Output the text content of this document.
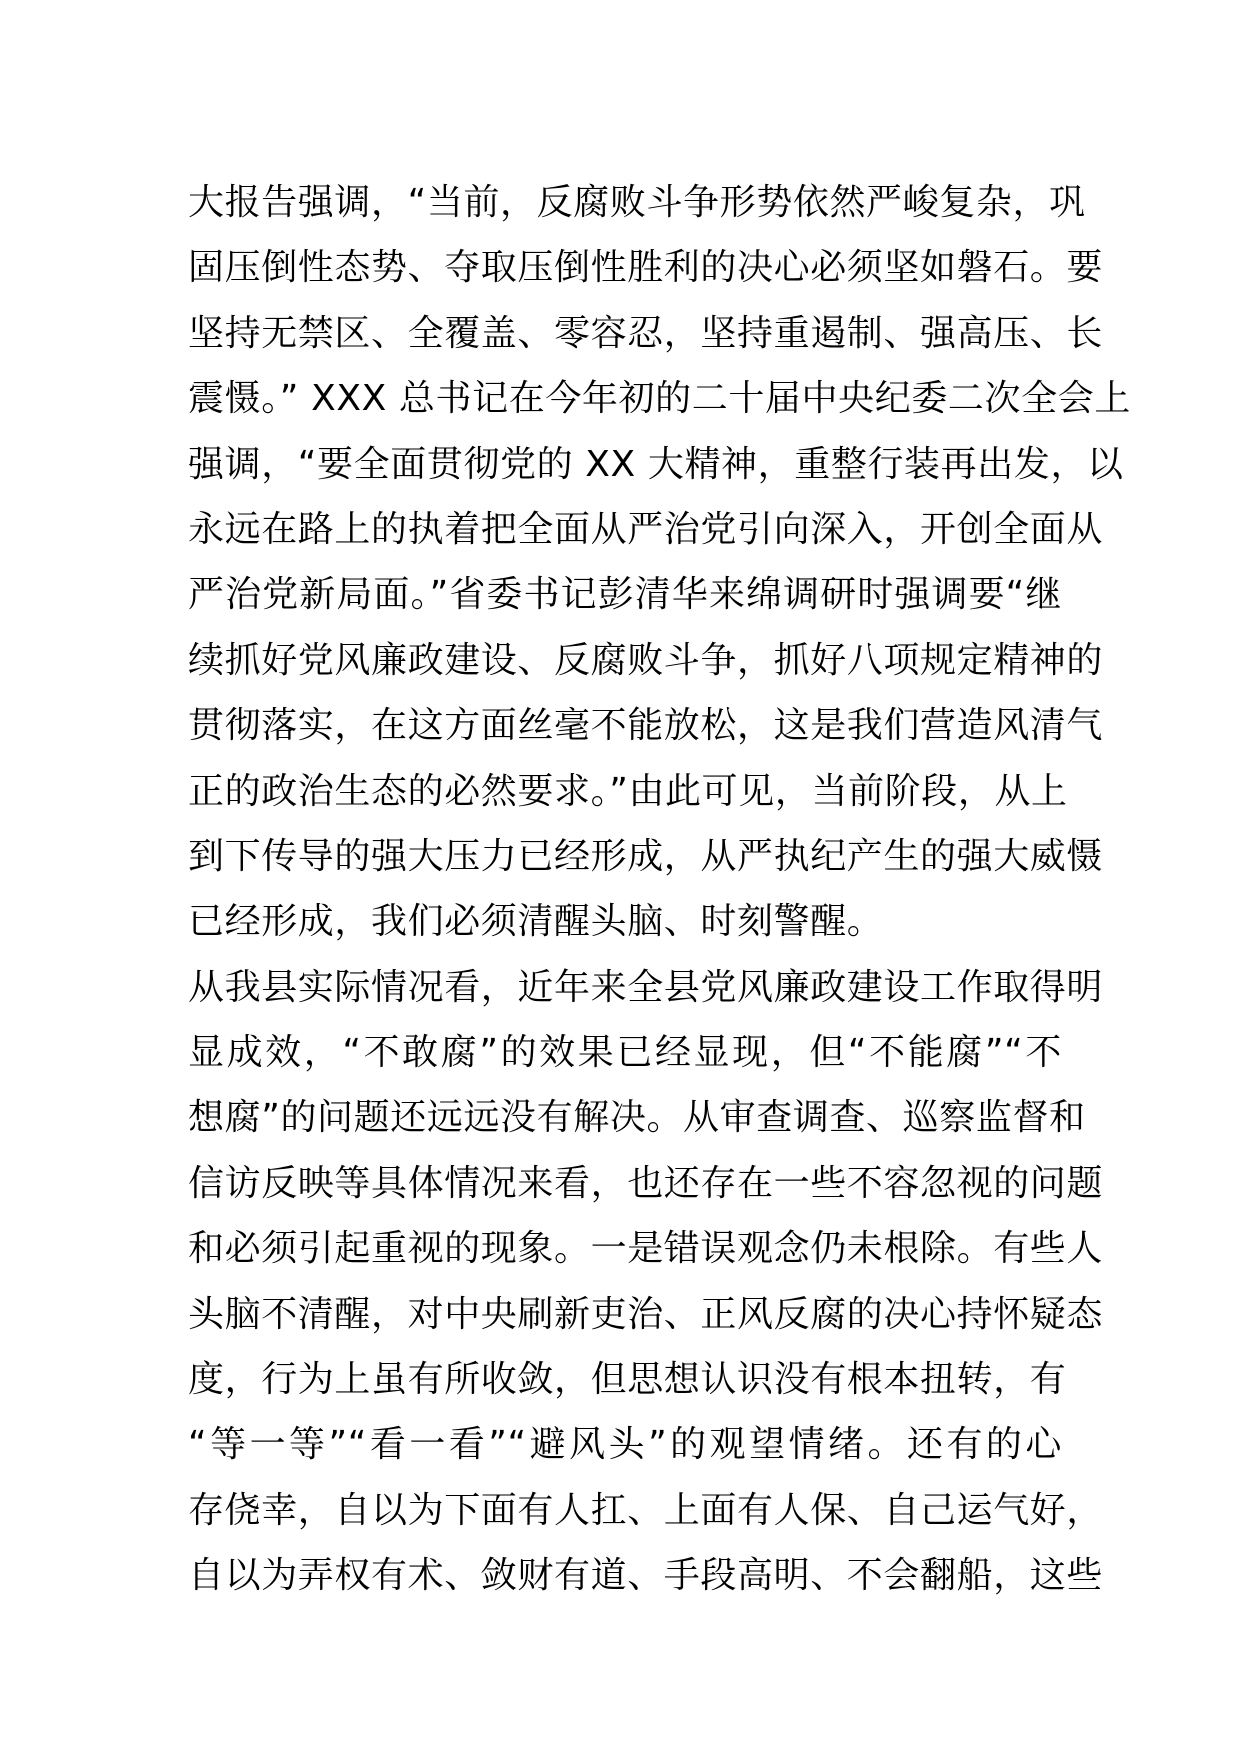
大报告强调，“当前，反腐败斗争形势依然严峻复杂，巩
固压倒性态势、夺取压倒性胜利的决心必须坚如磐石。要
坚持无禁区、全覆盖、零容忍，坚持重遏制、强高压、长
震慑。” XXX 总书记在今年初的二十届中央纪委二次全会上
强调，“要全面贯彻党的 XX 大精神，重整行装再出发，以
永远在路上的执着把全面从严治党引向深入，开创全面从
严治党新局面。”省委书记彭清华来绵调研时强调要“继
续抓好党风廉政建设、反腐败斗争，抓好八项规定精神的
贯彻落实，在这方面丝毫不能放松，这是我们营造风清气
正的政治生态的必然要求。”由此可见，当前阶段，从上
到下传导的强大压力已经形成，从严执纪产生的强大威慑
已经形成，我们必须清醒头脑、时刻警醒。
从我县实际情况看，近年来全县党风廉政建设工作取得明
显成效，“不敢腐”的效果已经显现，但“不能腐”“不
想腐”的问题还远远没有解决。从审查调查、巡察监督和
信访反映等具体情况来看，也还存在一些不容忽视的问题
和必须引起重视的现象。一是错误观念仍未根除。有些人
头脑不清醒，对中央刷新吏治、正风反腐的决心持怀疑态
度，行为上虽有所收敛，但思想认识没有根本扭转，有
“等一等”“看一看”“避风头”的观望情绪。还有的心
存侥幸，自以为下面有人扛、上面有人保、自己运气好，
自以为弄权有术、敛财有道、手段高明、不会翻船，这些
